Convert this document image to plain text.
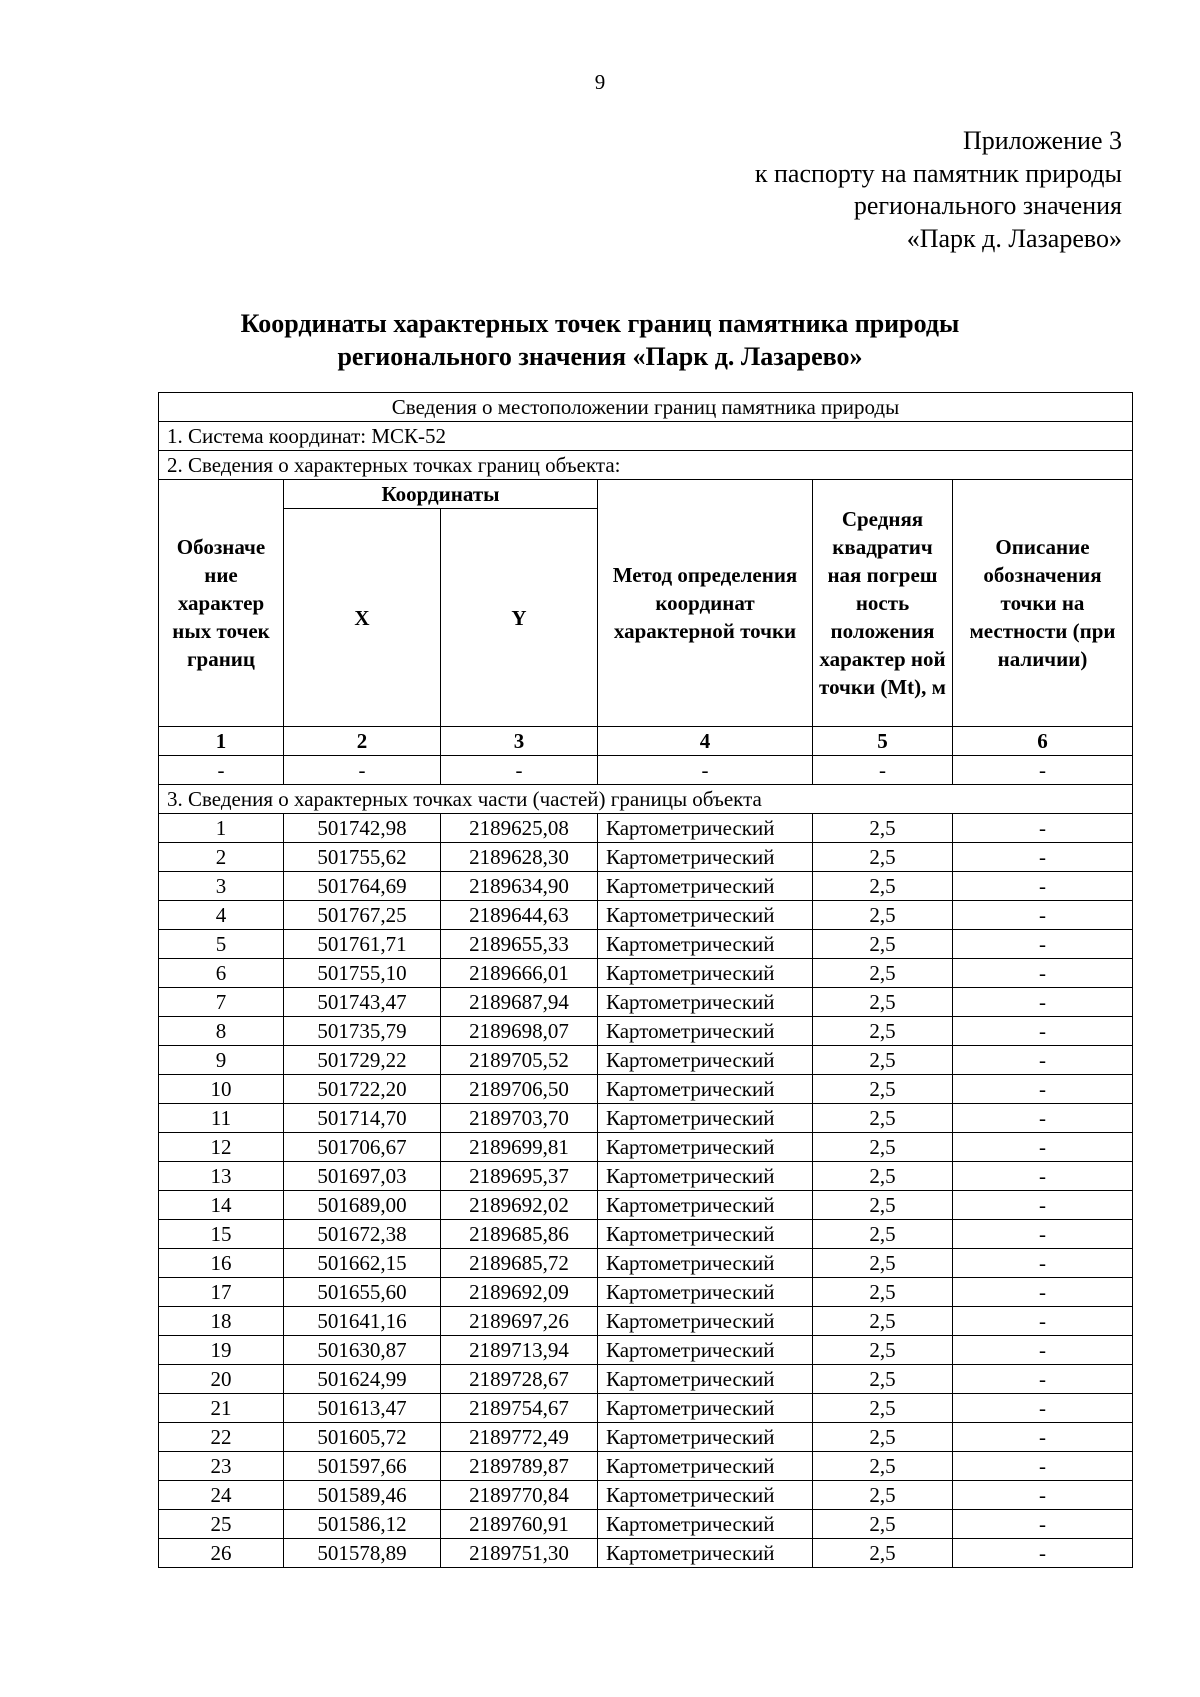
9
Приложение 3
к паспорту на памятник природы
регионального значения
«Парк д. Лазарево»
Координаты характерных точек границ памятника природы
регионального значения «Парк д. Лазарево»
Сведения о местоположении границ памятника природы					
1. Система координат: МСК-52					
2. Сведения о характерных точках границ объекта:					
Обозначе ние характер ных точек границ	Координаты		Метод определения координат характерной точки	Средняя квадратич ная погреш ность положения характер ной точки (Mt), м	Описание обозначения точки на местности (при наличии)
	X	Y			
1	2	3	4	5	6
-	-	-	-	-	-
3. Сведения о характерных точках части (частей) границы объекта					
1	501742,98	2189625,08	Картометрический	2,5	-
2	501755,62	2189628,30	Картометрический	2,5	-
3	501764,69	2189634,90	Картометрический	2,5	-
4	501767,25	2189644,63	Картометрический	2,5	-
5	501761,71	2189655,33	Картометрический	2,5	-
6	501755,10	2189666,01	Картометрический	2,5	-
7	501743,47	2189687,94	Картометрический	2,5	-
8	501735,79	2189698,07	Картометрический	2,5	-
9	501729,22	2189705,52	Картометрический	2,5	-
10	501722,20	2189706,50	Картометрический	2,5	-
11	501714,70	2189703,70	Картометрический	2,5	-
12	501706,67	2189699,81	Картометрический	2,5	-
13	501697,03	2189695,37	Картометрический	2,5	-
14	501689,00	2189692,02	Картометрический	2,5	-
15	501672,38	2189685,86	Картометрический	2,5	-
16	501662,15	2189685,72	Картометрический	2,5	-
17	501655,60	2189692,09	Картометрический	2,5	-
18	501641,16	2189697,26	Картометрический	2,5	-
19	501630,87	2189713,94	Картометрический	2,5	-
20	501624,99	2189728,67	Картометрический	2,5	-
21	501613,47	2189754,67	Картометрический	2,5	-
22	501605,72	2189772,49	Картометрический	2,5	-
23	501597,66	2189789,87	Картометрический	2,5	-
24	501589,46	2189770,84	Картометрический	2,5	-
25	501586,12	2189760,91	Картометрический	2,5	-
26	501578,89	2189751,30	Картометрический	2,5	-
